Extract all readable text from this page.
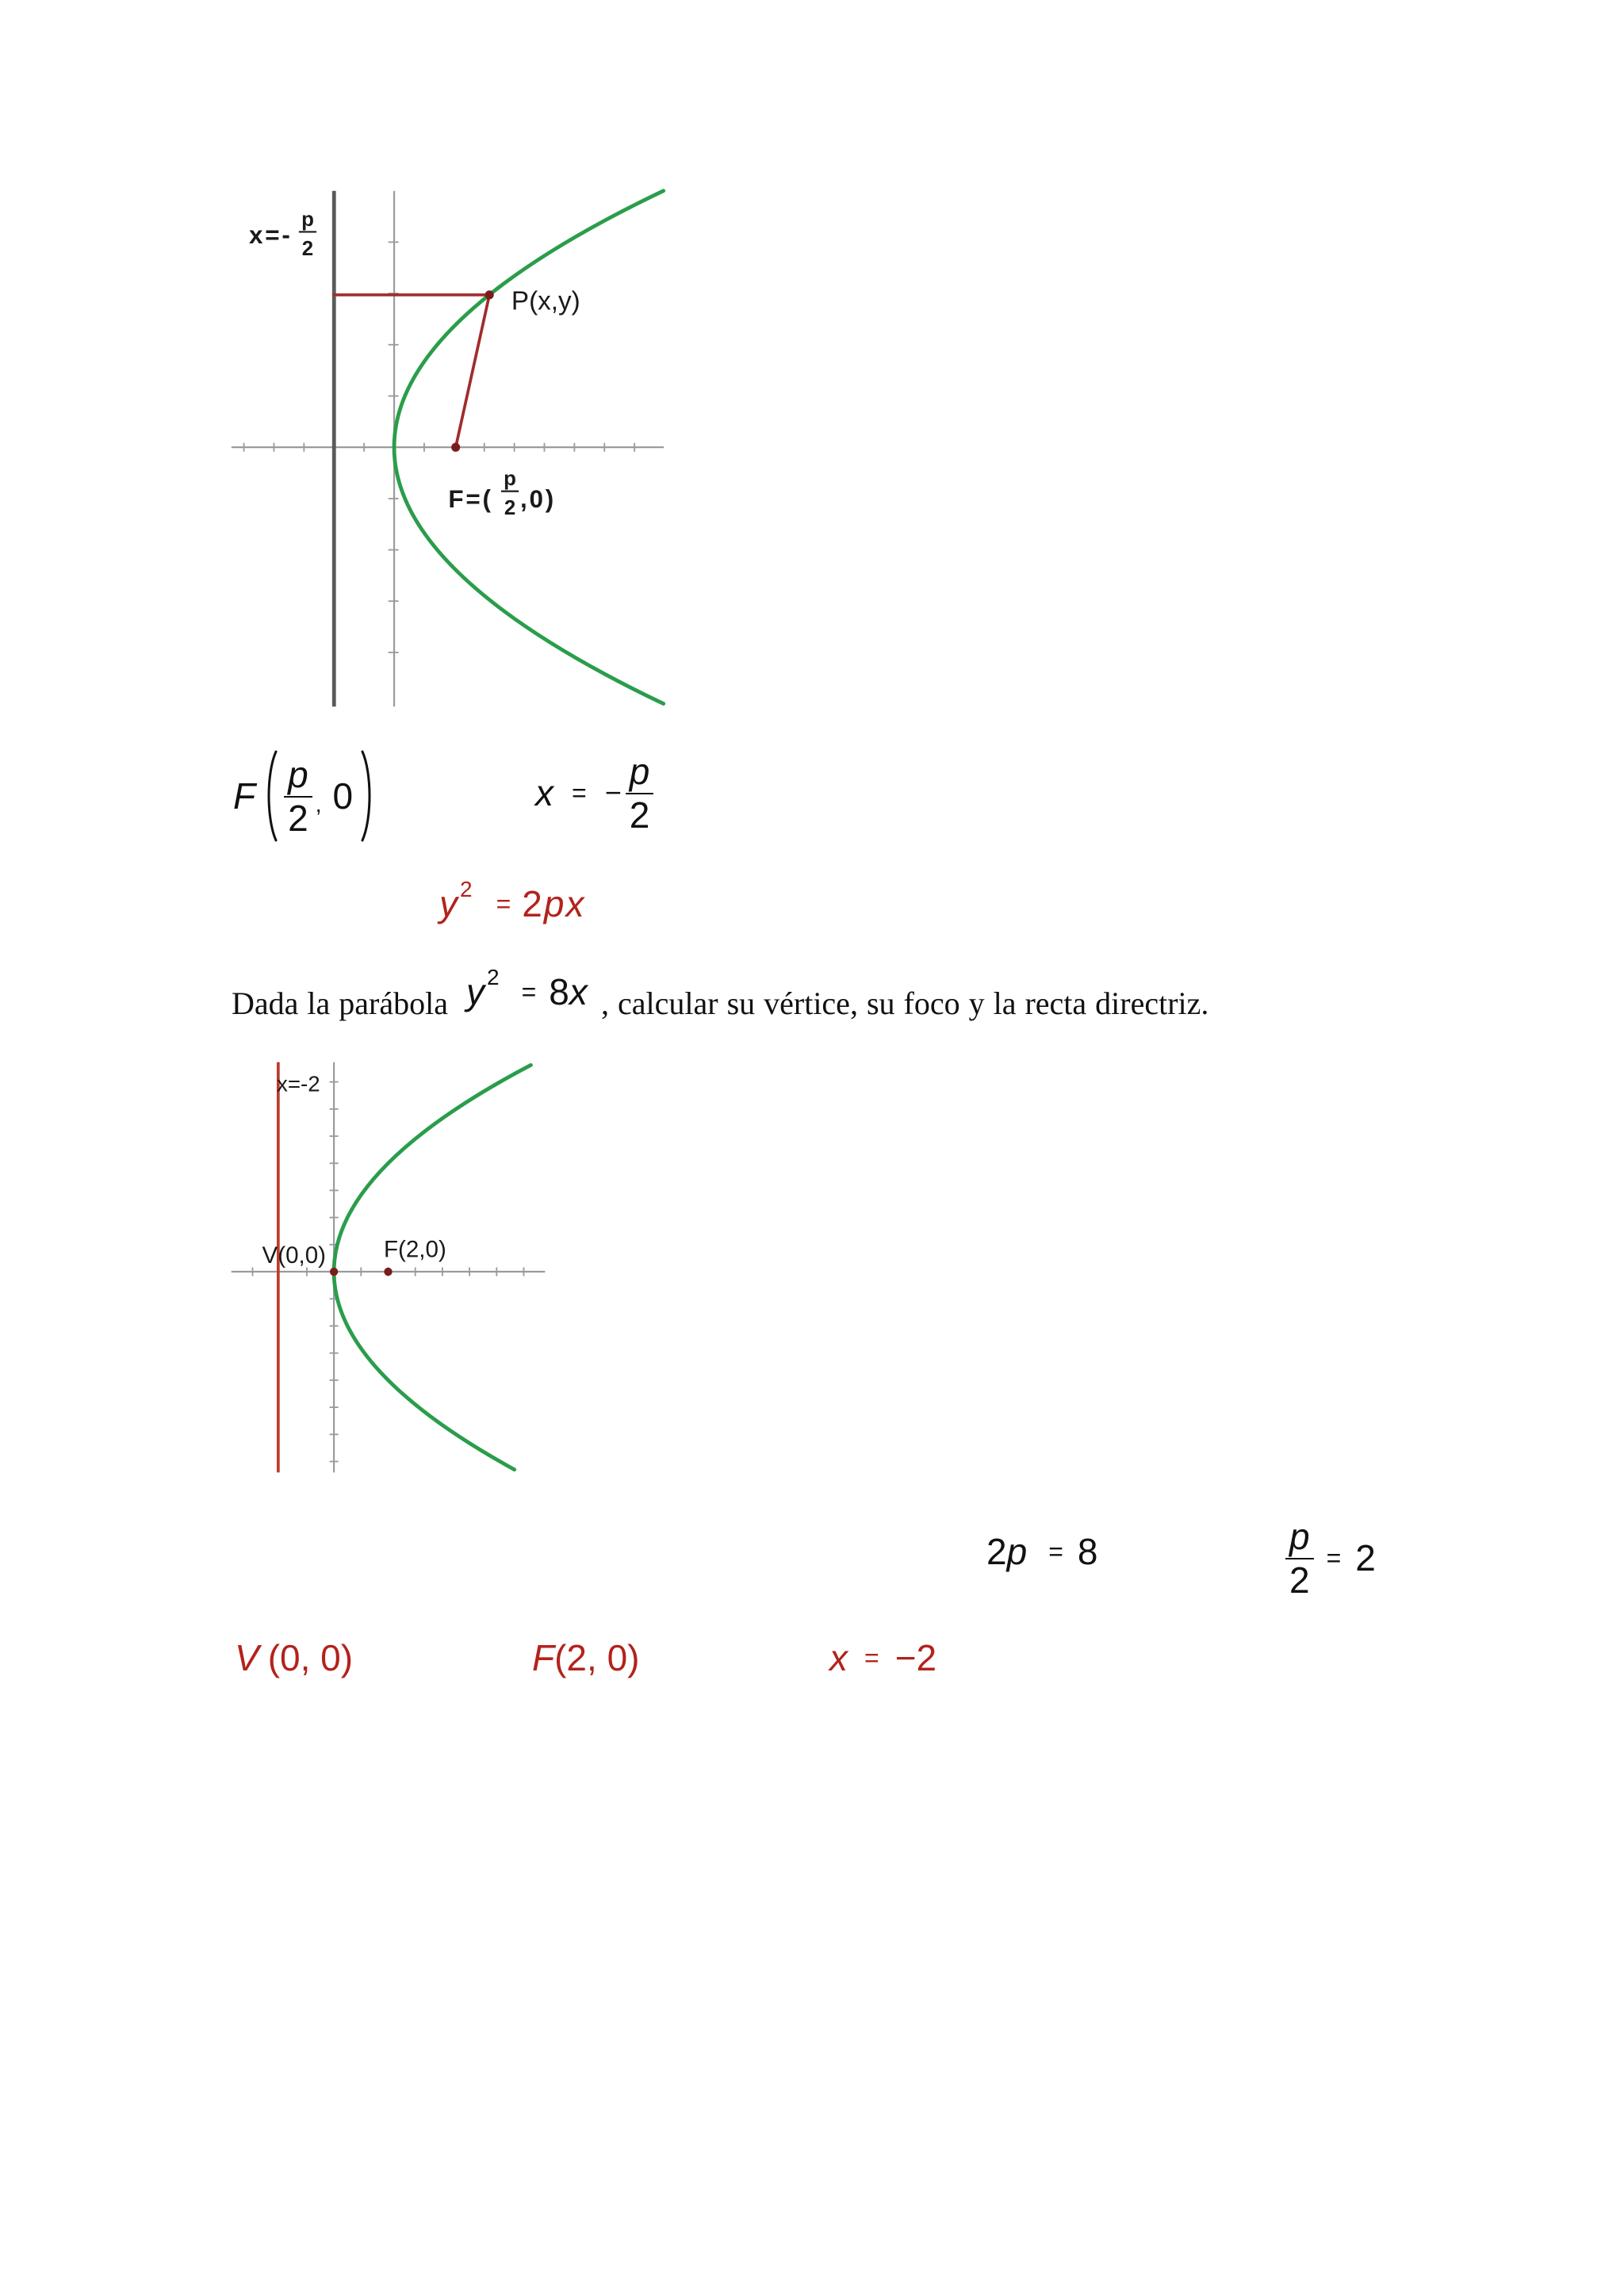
x=-
p
2
P(x,y)
F=(
p
2 ,0)
F $\frac{p}{2}$ , 0	x = − $\frac{p}{2}$
y 2
= 2 px
Dada la parábola y 2
= 8 x , calcular su vértice, su foco y la recta directriz.
x=-2
V(0,0)	F(2,0)
2 p = 8	$\frac{p}{2} = 2$
V (0, 0)	F (2, 0)	x = −2
